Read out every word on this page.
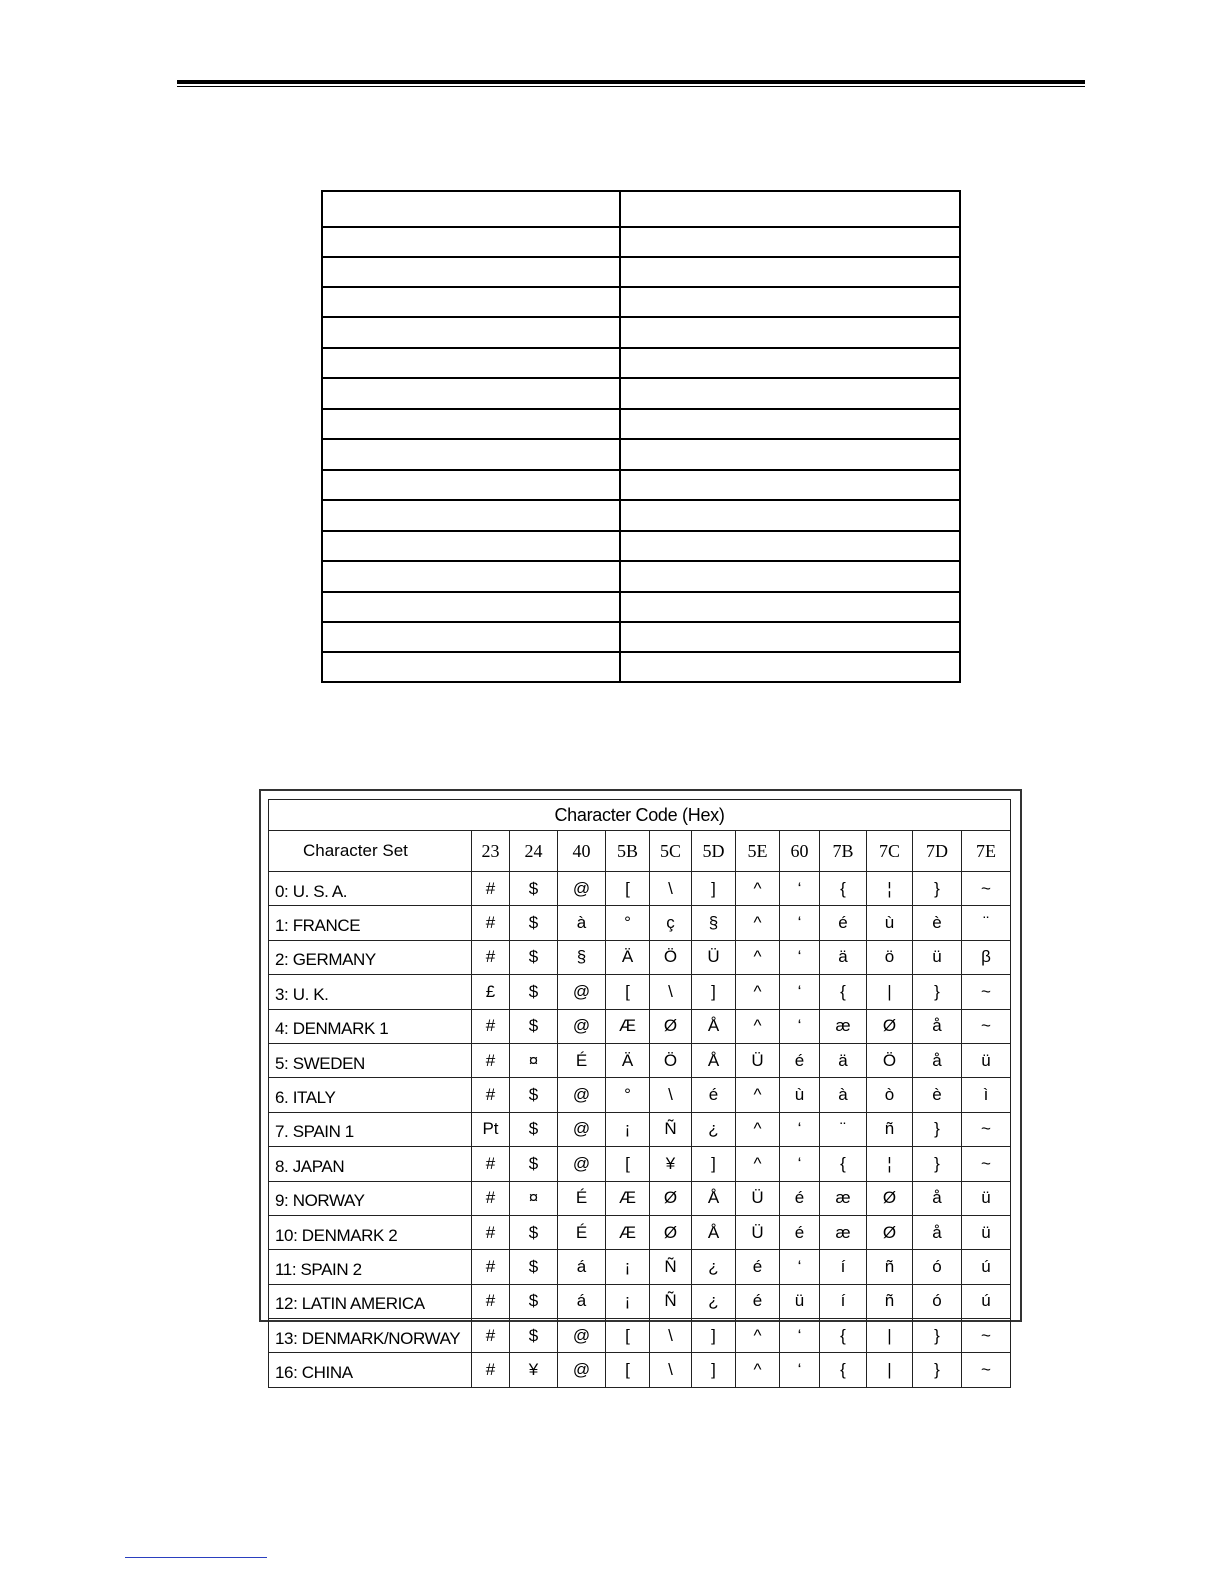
Character Code (Hex)												
Character Set	23	24	40	5B	5C	5D	5E	60	7B	7C	7D	7E
0: U. S. A.	#	$	@	[	\	]	^	‘	{	¦	}	~
1: FRANCE	#	$	à	°	ç	§	^	‘	é	ù	è	¨
2: GERMANY	#	$	§	Ä	Ö	Ü	^	‘	ä	ö	ü	β
3: U. K.	£	$	@	[	\	]	^	‘	{	|	}	~
4: DENMARK 1	#	$	@	Æ	Ø	Å	^	‘	æ	Ø	å	~
5: SWEDEN	#	¤	É	Ä	Ö	Å	Ü	é	ä	Ö	å	ü
6. ITALY	#	$	@	°	\	é	^	ù	à	ò	è	ì
7. SPAIN 1	Pt	$	@	¡	Ñ	¿	^	‘	¨	ñ	}	~
8. JAPAN	#	$	@	[	¥	]	^	‘	{	¦	}	~
9: NORWAY	#	¤	É	Æ	Ø	Å	Ü	é	æ	Ø	å	ü
10: DENMARK 2	#	$	É	Æ	Ø	Å	Ü	é	æ	Ø	å	ü
11: SPAIN 2	#	$	á	¡	Ñ	¿	é	‘	í	ñ	ó	ú
12: LATIN AMERICA	#	$	á	¡	Ñ	¿	é	ü	í	ñ	ó	ú
13: DENMARK/NORWAY	#	$	@	[	\	]	^	‘	{	|	}	~
16: CHINA	#	¥	@	[	\	]	^	‘	{	|	}	~
